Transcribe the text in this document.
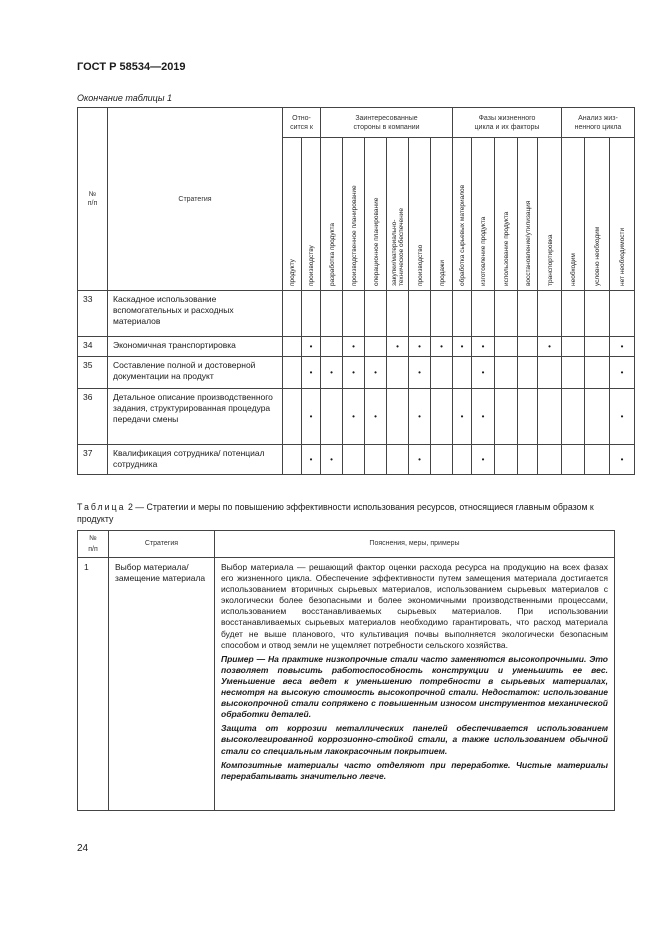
ГОСТ Р 58534—2019
Окончание таблицы 1
№
п/п	Стратегия	Отно-
сится к		Заинтересованные
стороны в компании						Фазы жизненного
цикла и их факторы					Анализ жиз-
ненного цикла		

		продукту	производству	разработка продукта	производственное планирование	операционное планирование	закупки/материально-
техническое обеспечение	производство	продажи	обработка сырьевых материалов	изготовление продукта	использование продукта	восстановление/утилизация	транспортировка	необходим	условно необходим	нет необходимости

33	Каскадное использование вспомогательных и расходных материалов																
34	Экономичная транспортировка		•		•		•	•	•	•	•			•			•
35	Составление полной и достоверной документации на продукт		•	•	•	•		•			•						•
36	Детальное описание производственного задания, структурированная процедура передачи смены		•		•	•		•		•	•						•
37	Квалификация сотрудника/ потенциал сотрудника		•	•				•			•						•
Таблица 2 — Стратегии и меры по повышению эффективности использования ресурсов, относящиеся главным образом к продукту
№
п/п	Стратегия	Пояснения, меры, примеры
1	Выбор материала/ замещение материала	Выбор материала — решающий фактор оценки расхода ресурса на продукцию на всех фазах его жизненного цикла. Обеспечение эффективности путем замещения материала достигается использованием вторичных сырьевых материалов, использованием сырьевых материалов с экологически более безопасными и более экономичными производственными процессами, использованием восстанавливаемых сырьевых материалов. При использовании восстанавливаемых сырьевых материалов необходимо гарантировать, что расход материала будет не выше планового, что культивация почвы выполняется экологически безопасным способом и отвод земли не ущемляет потребности сельского хозяйства.

Пример — На практике низкопрочные стали часто заменяются высокопрочными. Это позволяет повысить работоспособность конструкции и уменьшить ее вес. Уменьшение веса ведет к уменьшению потребности в сырьевых материалах, несмотря на высокую стоимость высокопрочной стали. Недостаток: использование высокопрочной стали сопряжено с повышенным износом инструментов механической обработки деталей.

Защита от коррозии металлических панелей обеспечивается использованием высоколегированной коррозионно-стойкой стали, а также использованием обычной стали со специальным лакокрасочным покрытием.

Композитные материалы часто отделяют при переработке. Чистые материалы перерабатывать значительно легче.

24
